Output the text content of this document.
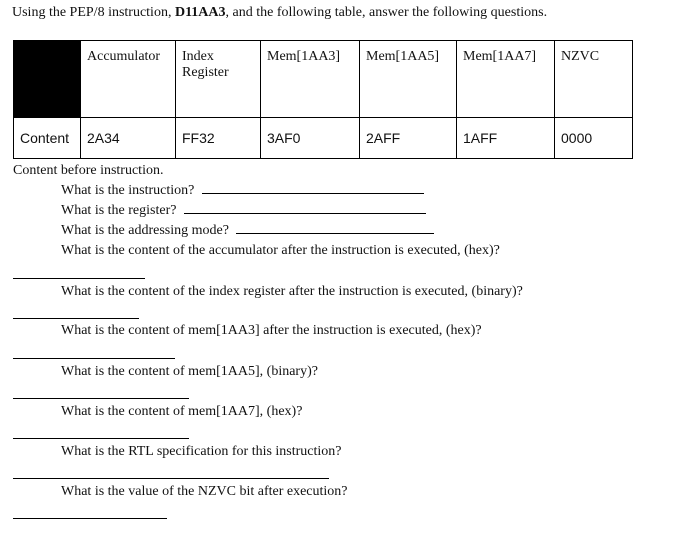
Using the PEP/8 instruction, D11AA3, and the following table, answer the following questions.
	Accumulator	Index Register	Mem[1AA3]	Mem[1AA5]	Mem[1AA7]	NZVC
Content	2A34	FF32	3AF0	2AFF	1AFF	0000
Content before instruction.
What is the instruction?
What is the register?
What is the addressing mode?
What is the content of the accumulator after the instruction is executed, (hex)?
What is the content of the index register after the instruction is executed, (binary)?
What is the content of mem[1AA3] after the instruction is executed, (hex)?
What is the content of mem[1AA5], (binary)?
What is the content of mem[1AA7], (hex)?
What is the RTL specification for this instruction?
What is the value of the NZVC bit after execution?
